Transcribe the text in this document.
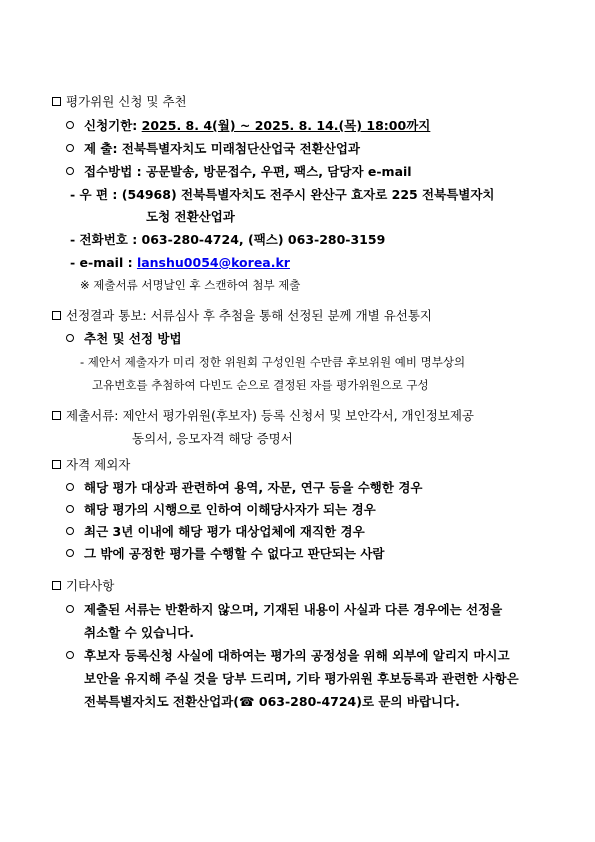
평가위원 신청 및 추천
신청기한: 2025. 8. 4(월) ~ 2025. 8. 14.(목) 18:00까지
제 출: 전북특별자치도 미래첨단산업국 전환산업과
접수방법 : 공문발송, 방문접수, 우편, 팩스, 담당자 e-mail
- 우 편 : (54968) 전북특별자치도 전주시 완산구 효자로 225 전북특별자치
도청 전환산업과
- 전화번호 : 063-280-4724, (팩스) 063-280-3159
- e-mail : lanshu0054@korea.kr
※ 제출서류 서명날인 후 스캔하여 첨부 제출
선정결과 통보: 서류심사 후 추첨을 통해 선정된 분께 개별 유선통지
추천 및 선정 방법
- 제안서 제출자가 미리 정한 위원회 구성인원 수만큼 후보위원 예비 명부상의
고유번호를 추첨하여 다빈도 순으로 결정된 자를 평가위원으로 구성
제출서류: 제안서 평가위원(후보자) 등록 신청서 및 보안각서, 개인정보제공
동의서, 응모자격 해당 증명서
자격 제외자
해당 평가 대상과 관련하여 용역, 자문, 연구 등을 수행한 경우
해당 평가의 시행으로 인하여 이해당사자가 되는 경우
최근 3년 이내에 해당 평가 대상업체에 재직한 경우
그 밖에 공정한 평가를 수행할 수 없다고 판단되는 사람
기타사항
제출된 서류는 반환하지 않으며, 기재된 내용이 사실과 다른 경우에는 선정을
취소할 수 있습니다.
후보자 등록신청 사실에 대하여는 평가의 공정성을 위해 외부에 알리지 마시고
보안을 유지해 주실 것을 당부 드리며, 기타 평가위원 후보등록과 관련한 사항은
전북특별자치도 전환산업과(☎ 063-280-4724)로 문의 바랍니다.
